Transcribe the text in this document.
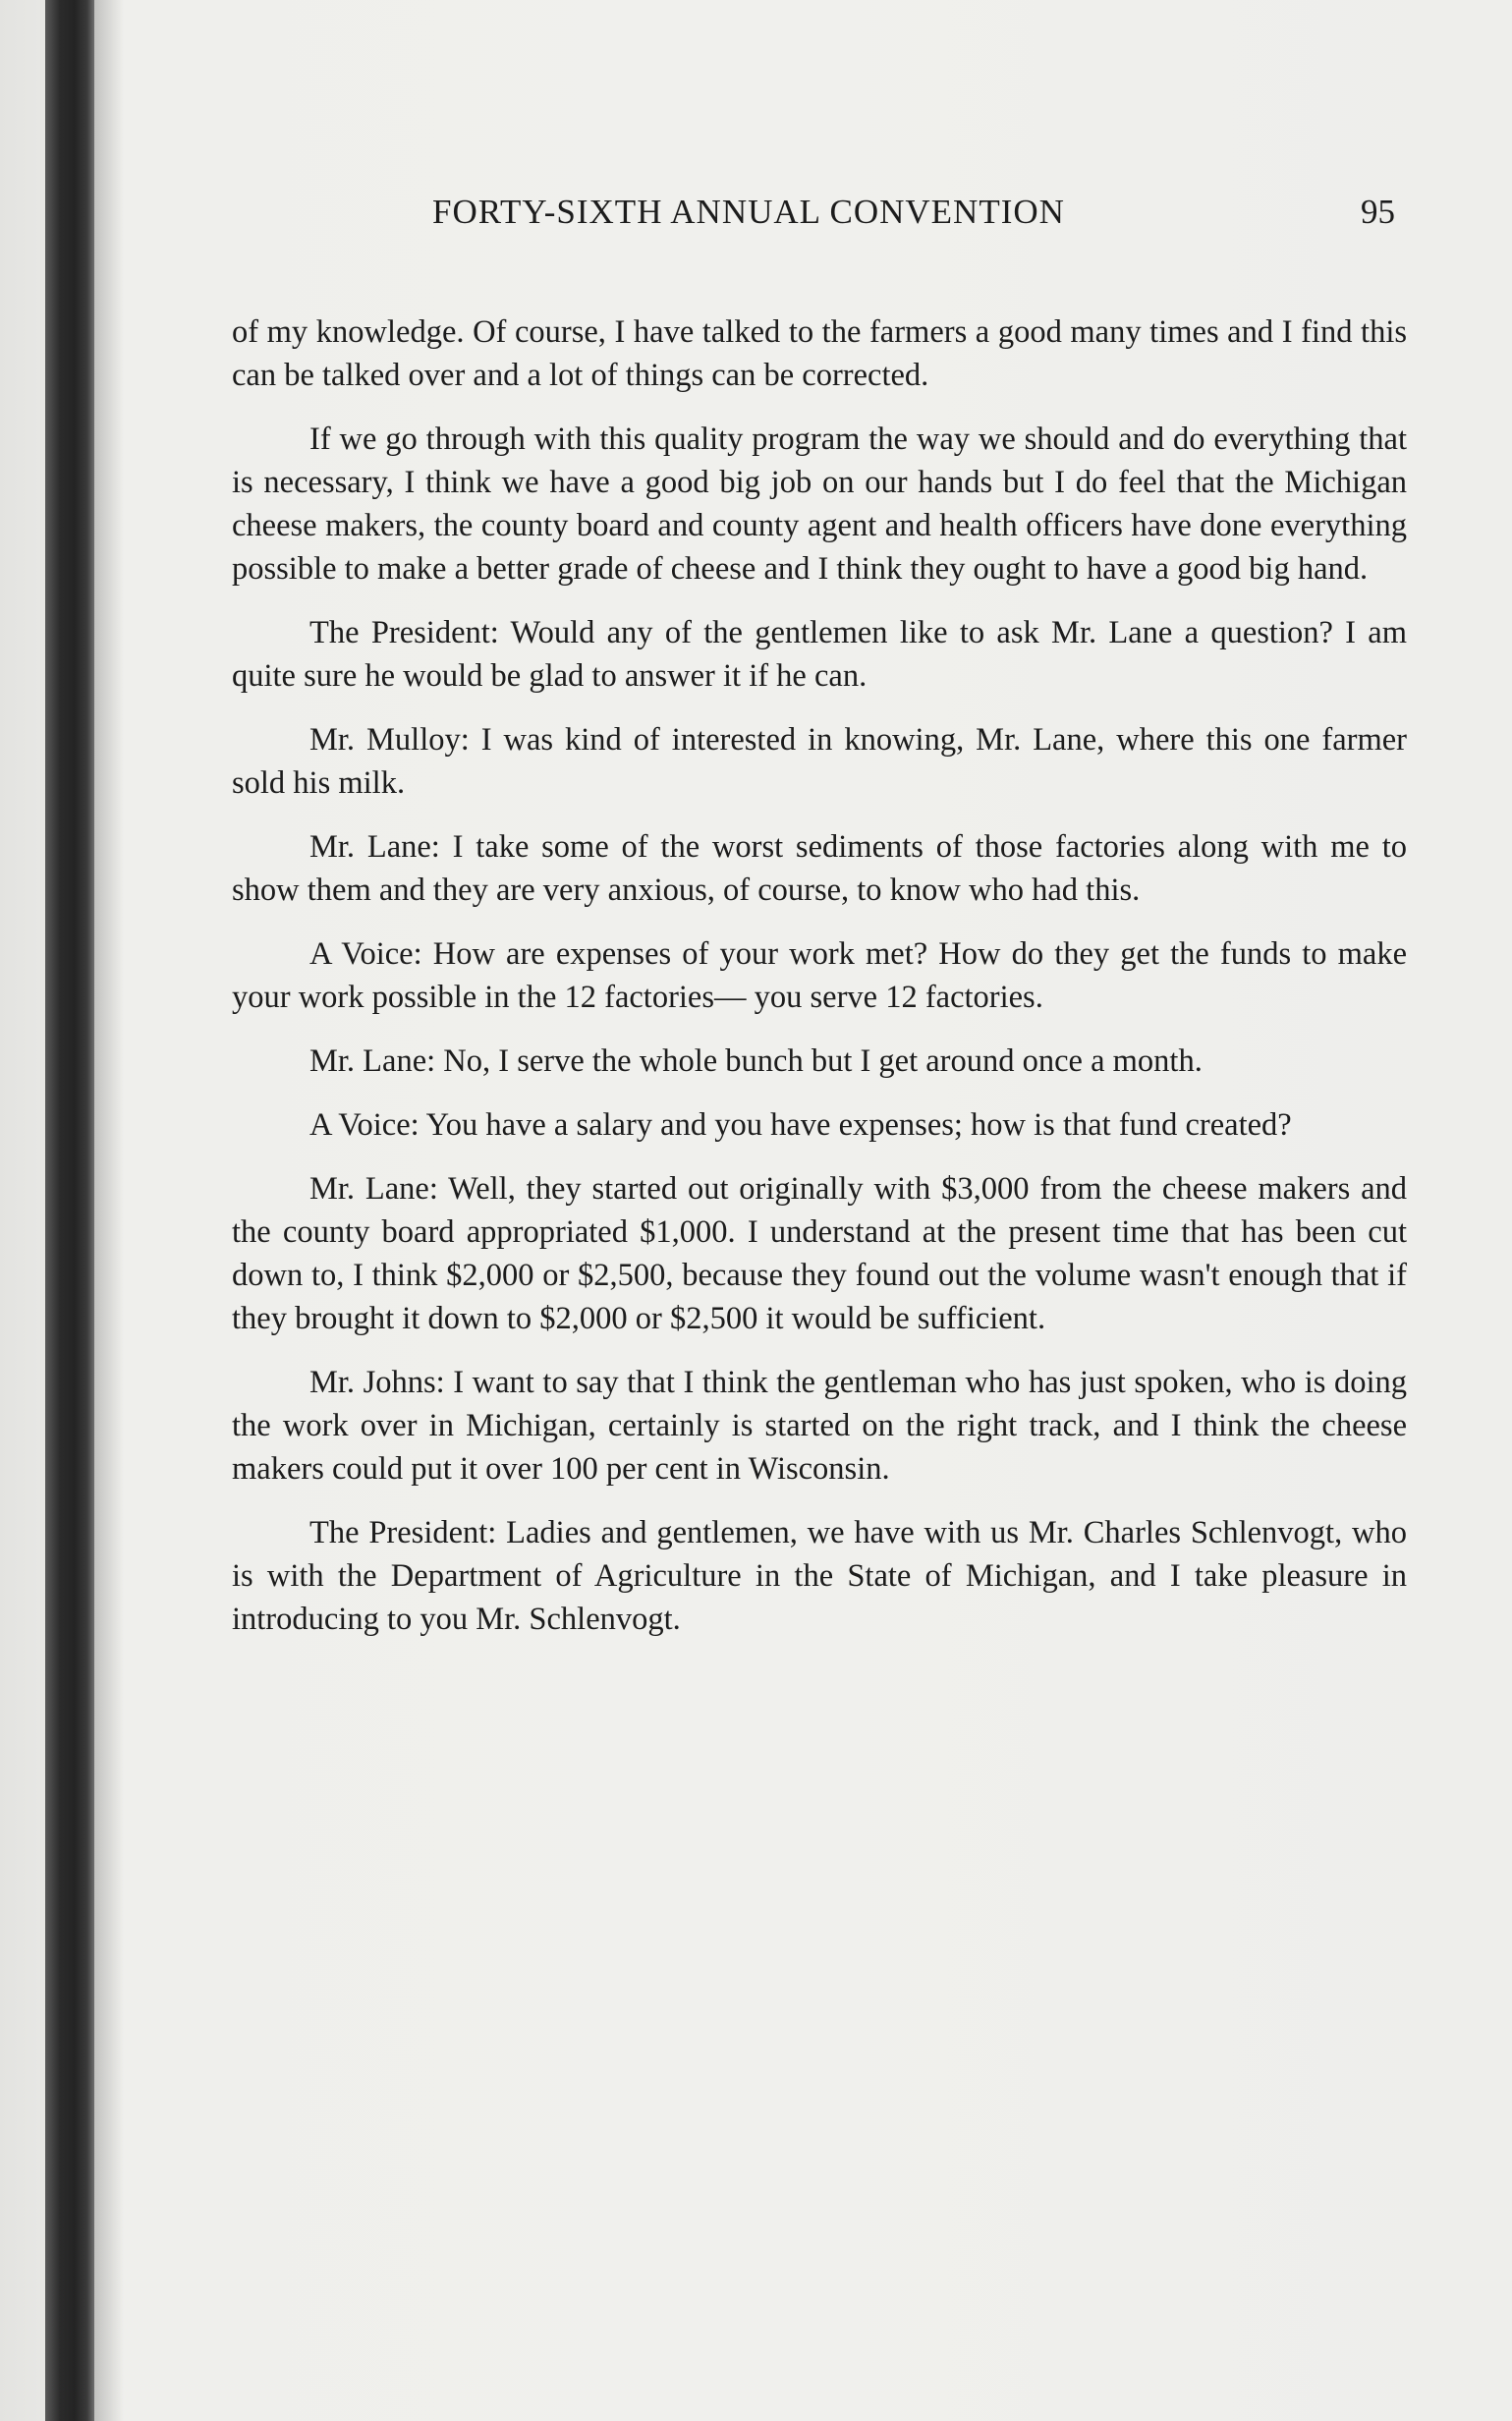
FORTY-SIXTH ANNUAL CONVENTION	95

of my knowledge. Of course, I have talked to the farmers a good many times and I find this can be talked over and a lot of things can be corrected.

If we go through with this quality program the way we should and do everything that is necessary, I think we have a good big job on our hands but I do feel that the Michigan cheese makers, the county board and county agent and health officers have done everything possible to make a better grade of cheese and I think they ought to have a good big hand.

The President: Would any of the gentlemen like to ask Mr. Lane a question? I am quite sure he would be glad to answer it if he can.

Mr. Mulloy: I was kind of interested in knowing, Mr. Lane, where this one farmer sold his milk.

Mr. Lane: I take some of the worst sediments of those factories along with me to show them and they are very anxious, of course, to know who had this.

A Voice: How are expenses of your work met? How do they get the funds to make your work possible in the 12 factories— you serve 12 factories.

Mr. Lane: No, I serve the whole bunch but I get around once a month.

A Voice: You have a salary and you have expenses; how is that fund created?

Mr. Lane: Well, they started out originally with $3,000 from the cheese makers and the county board appropriated $1,000. I understand at the present time that has been cut down to, I think $2,000 or $2,500, because they found out the volume wasn't enough that if they brought it down to $2,000 or $2,500 it would be sufficient.

Mr. Johns: I want to say that I think the gentleman who has just spoken, who is doing the work over in Michigan, certainly is started on the right track, and I think the cheese makers could put it over 100 per cent in Wisconsin.

The President: Ladies and gentlemen, we have with us Mr. Charles Schlenvogt, who is with the Department of Agriculture in the State of Michigan, and I take pleasure in introducing to you Mr. Schlenvogt.
